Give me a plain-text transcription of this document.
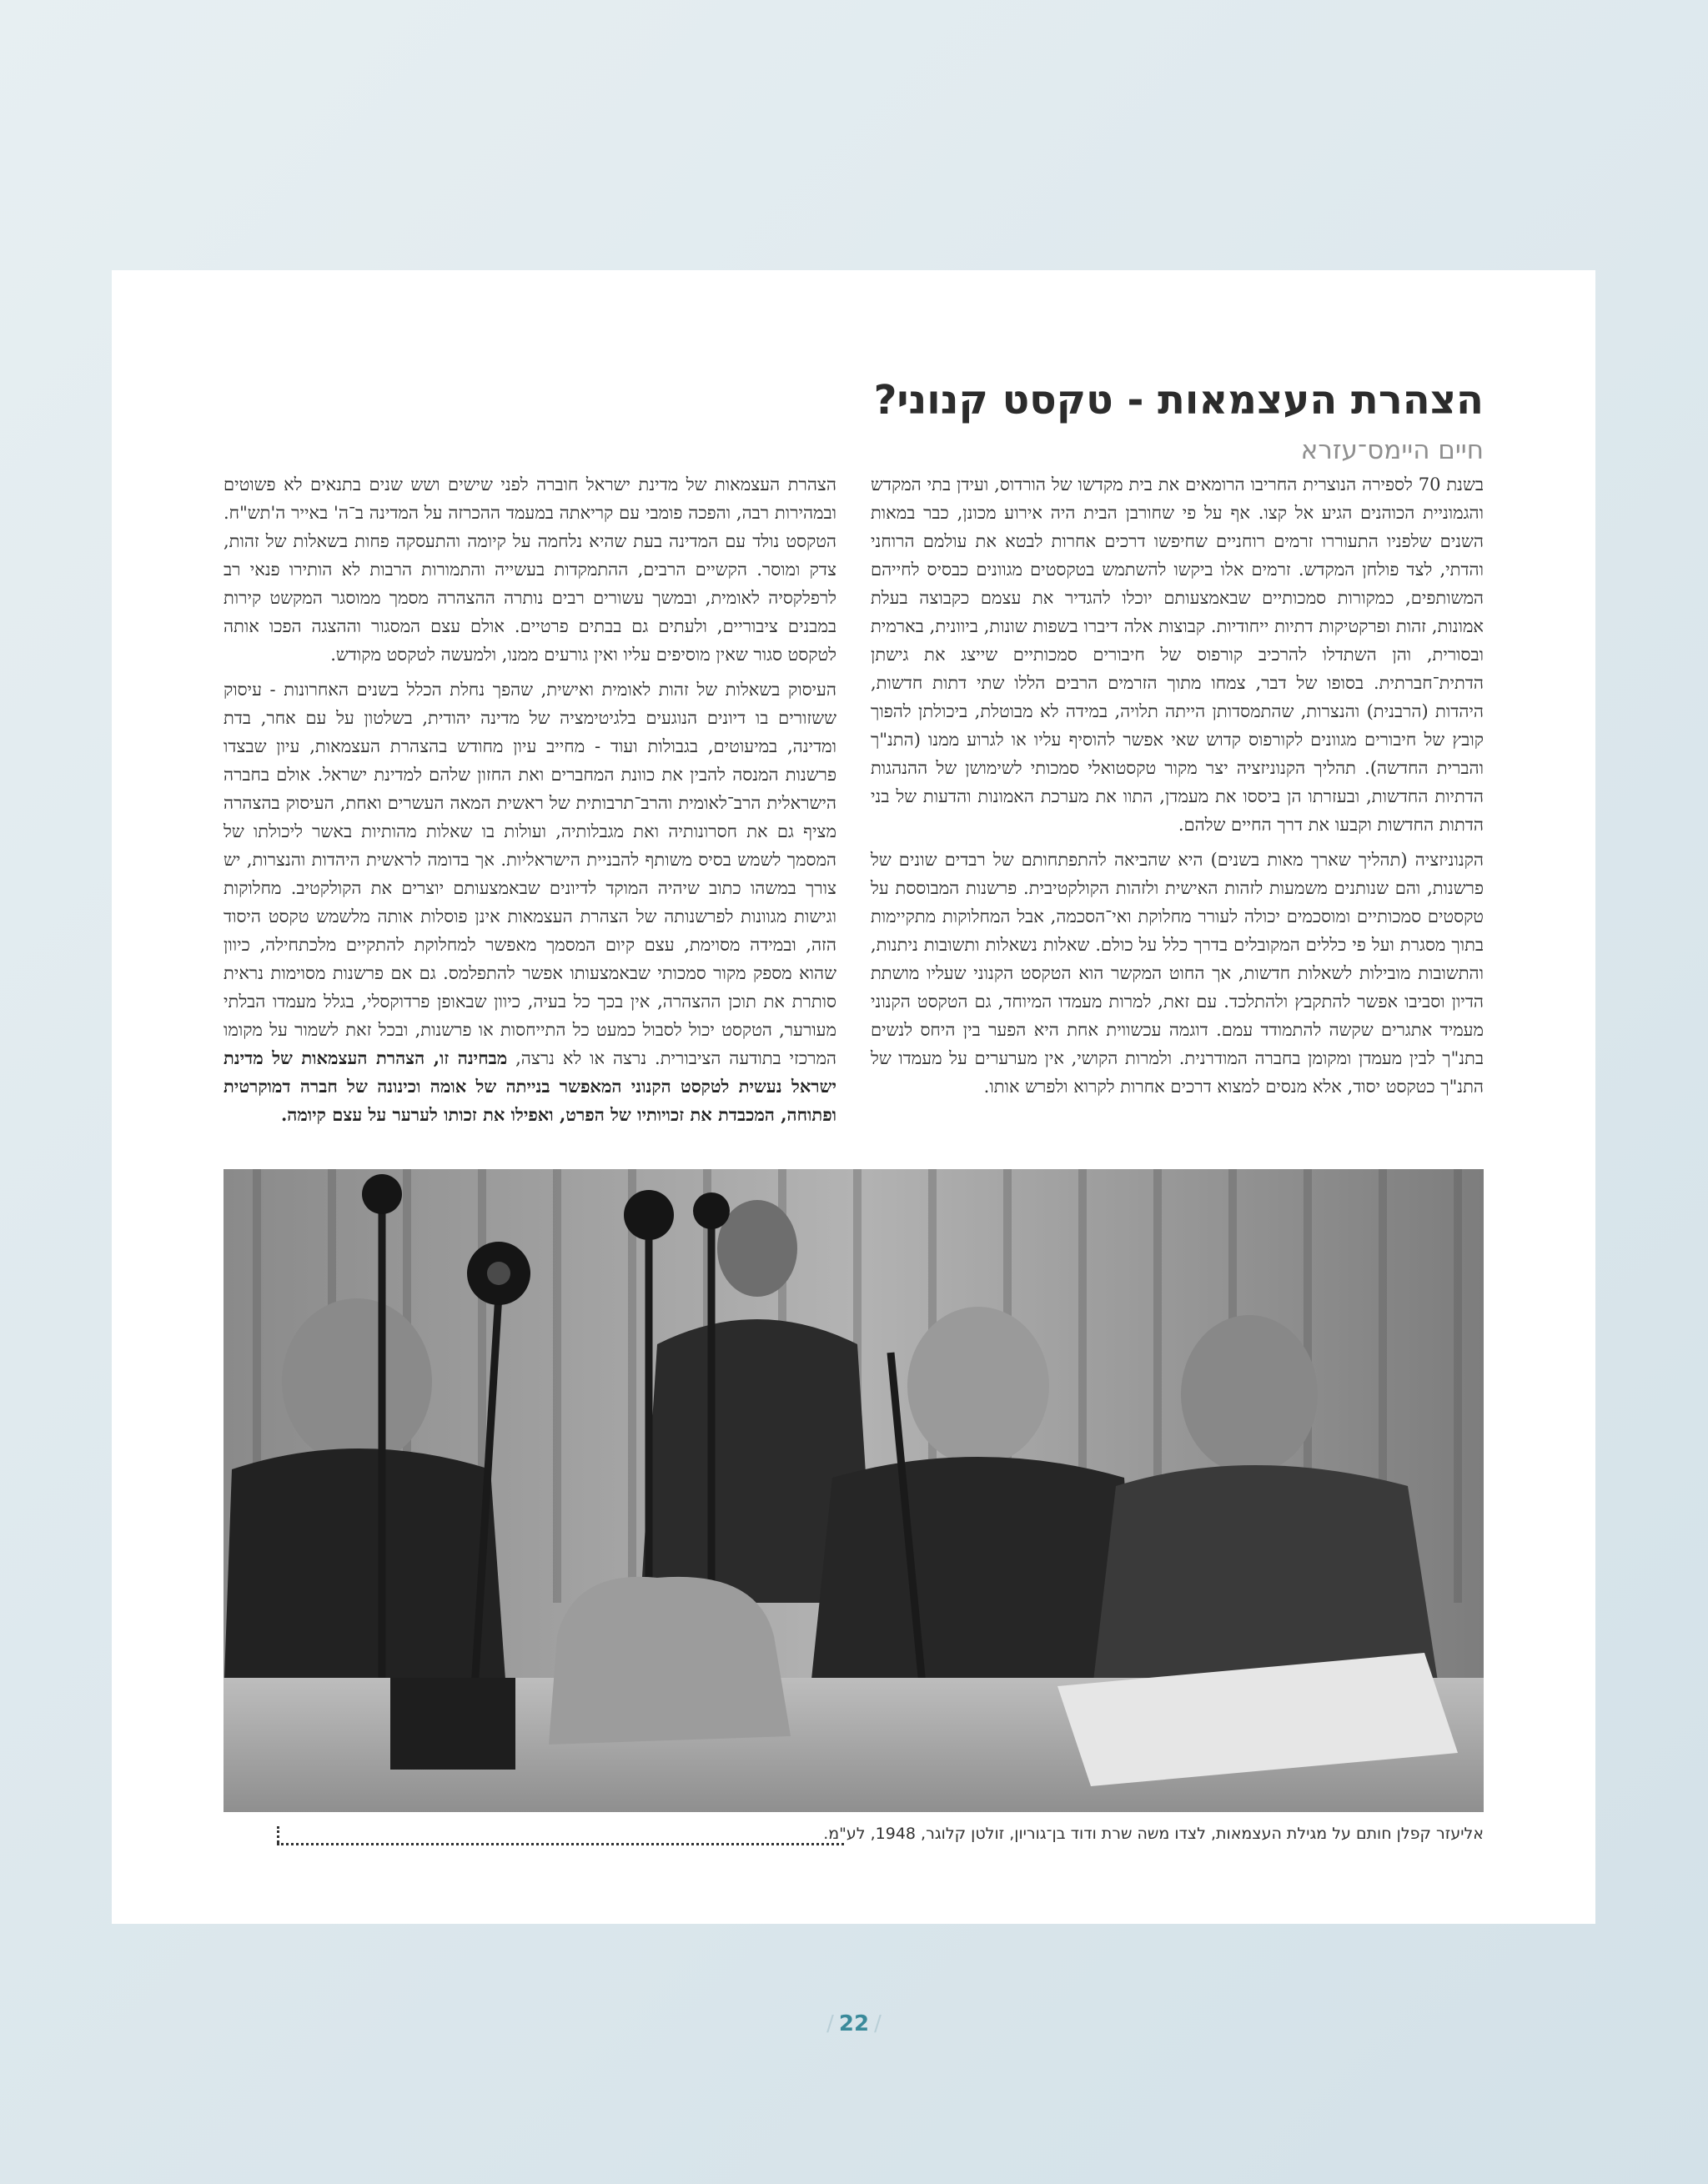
הצהרת העצמאות - טקסט קנוני?
חיים היימס־עזרא

בשנת 70 לספירה הנוצרית החריבו הרומאים את בית מקדשו של הורדוס, ועידן בתי המקדש והגמוניית הכוהנים הגיע אל קצו. אף על פי שחורבן הבית היה אירוע מכונן, כבר במאות השנים שלפניו התעוררו זרמים רוחניים שחיפשו דרכים אחרות לבטא את עולמם הרוחני והדתי, לצד פולחן המקדש. זרמים אלו ביקשו להשתמש בטקסטים מגוונים כבסיס לחייהם המשותפים, כמקורות סמכותיים שבאמצעותם יוכלו להגדיר את עצמם כקבוצה בעלת אמונות, זהות ופרקטיקות דתיות ייחודיות. קבוצות אלה דיברו בשפות שונות, ביוונית, בארמית ובסורית, והן השתדלו להרכיב קורפוס של חיבורים סמכותיים שייצג את גישתן הדתית־חברתית. בסופו של דבר, צמחו מתוך הזרמים הרבים הללו שתי דתות חדשות, היהדות (הרבנית) והנצרות, שהתמסדותן הייתה תלויה, במידה לא מבוטלת, ביכולתן להפוך קובץ של חיבורים מגוונים לקורפוס קדוש שאי אפשר להוסיף עליו או לגרוע ממנו (התנ"ך והברית החדשה). תהליך הקנוניזציה יצר מקור טקסטואלי סמכותי לשימושן של ההנהגות הדתיות החדשות, ובעזרתו הן ביססו את מעמדן, התוו את מערכת האמונות והדעות של בני הדתות החדשות וקבעו את דרך החיים שלהם.

הקנוניזציה (תהליך שארך מאות בשנים) היא שהביאה להתפתחותם של רבדים שונים של פרשנות, והם שנותנים משמעות לזהות האישית ולזהות הקולקטיבית. פרשנות המבוססת על טקסטים סמכותיים ומוסכמים יכולה לעורר מחלוקת ואי־הסכמה, אבל המחלוקות מתקיימות בתוך מסגרת ועל פי כללים המקובלים בדרך כלל על כולם. שאלות נשאלות ותשובות ניתנות, והתשובות מובילות לשאלות חדשות, אך החוט המקשר הוא הטקסט הקנוני שעליו מושתת הדיון וסביבו אפשר להתקבץ ולהתלכד. עם זאת, למרות מעמדו המיוחד, גם הטקסט הקנוני מעמיד אתגרים שקשה להתמודד עמם. דוגמה עכשווית אחת היא הפער בין היחס לנשים בתנ"ך לבין מעמדן ומקומן בחברה המודרנית. ולמרות הקושי, אין מערערים על מעמדו של התנ"ך כטקסט יסוד, אלא מנסים למצוא דרכים אחרות לקרוא ולפרש אותו.

הצהרת העצמאות של מדינת ישראל חוברה לפני שישים ושש שנים בתנאים לא פשוטים ובמהירות רבה, והפכה פומבי עם קריאתה במעמד ההכרזה על המדינה ב־ה' באייר ה'תש"ח. הטקסט נולד עם המדינה בעת שהיא נלחמה על קיומה והתעסקה פחות בשאלות של זהות, צדק ומוסר. הקשיים הרבים, ההתמקדות בעשייה והתמורות הרבות לא הותירו פנאי רב לרפלקסיה לאומית, ובמשך עשורים רבים נותרה ההצהרה מסמך ממוסגר המקשט קירות במבנים ציבוריים, ולעתים גם בבתים פרטיים. אולם עצם המסגור וההצגה הפכו אותה לטקסט סגור שאין מוסיפים עליו ואין גורעים ממנו, ולמעשה לטקסט מקודש.

העיסוק בשאלות של זהות לאומית ואישית, שהפך נחלת הכלל בשנים האחרונות - עיסוק ששזורים בו דיונים הנוגעים בלגיטימציה של מדינה יהודית, בשלטון על עם אחר, בדת ומדינה, במיעוטים, בגבולות ועוד - מחייב עיון מחודש בהצהרת העצמאות, עיון שבצדו פרשנות המנסה להבין את כוונת המחברים ואת החזון שלהם למדינת ישראל. אולם בחברה הישראלית הרב־לאומית והרב־תרבותית של ראשית המאה העשרים ואחת, העיסוק בהצהרה מציף גם את חסרונותיה ואת מגבלותיה, ועולות בו שאלות מהותיות באשר ליכולתו של המסמך לשמש בסיס משותף להבניית הישראליות. אך בדומה לראשית היהדות והנצרות, יש צורך במשהו כתוב שיהיה המוקד לדיונים שבאמצעותם יוצרים את הקולקטיב. מחלוקות וגישות מגוונות לפרשנותה של הצהרת העצמאות אינן פוסלות אותה מלשמש טקסט היסוד הזה, ובמידה מסוימת, עצם קיום המסמך מאפשר למחלוקת להתקיים מלכתחילה, כיוון שהוא מספק מקור סמכותי שבאמצעותו אפשר להתפלמס. גם אם פרשנות מסוימות נראית סותרת את תוכן ההצהרה, אין בכך כל בעיה, כיוון שבאופן פרדוקסלי, בגלל מעמדו הבלתי מעורער, הטקסט יכול לסבול כמעט כל התייחסות או פרשנות, ובכל זאת לשמור על מקומו המרכזי בתודעה הציבורית. נרצה או לא נרצה, מבחינה זו, הצהרת העצמאות של מדינת ישראל נעשית לטקסט הקנוני המאפשר בנייתה של אומה וכינונה של חברה דמוקרטית ופתוחה, המכבדת את זכויותיו של הפרט, ואפילו את זכותו לערער על עצם קיומה.

אליעזר קפלן חותם על מגילת העצמאות, לצדו משה שרת ודוד בן־גוריון, זולטן קלוגר, 1948, לע"מ.
/ 22 /
